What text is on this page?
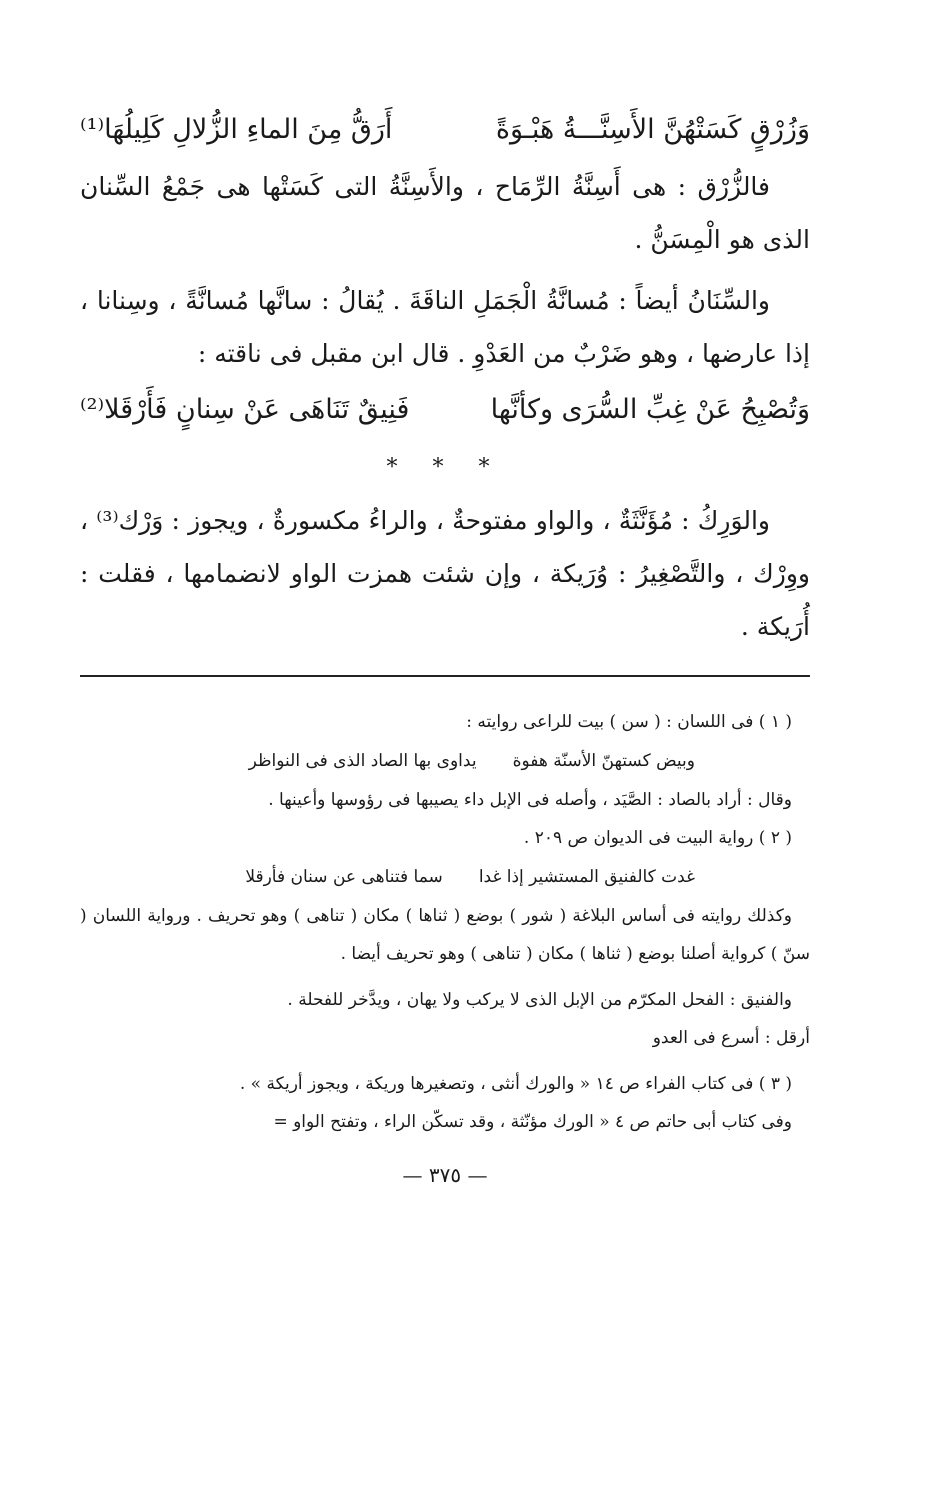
وَزُرْقٍ كَسَتْهُنَّ الأَسِنَّـــةُ هَبْـوَةً
أَرَقُّ مِنَ الماءِ الزُّلالِ كَلِيلُهَا⁽¹⁾

فالزُّرْق : هى أَسِنَّةُ الرِّمَاح ، والأَسِنَّةُ التى كَسَتْها هى جَمْعُ السِّنان الذى هو الْمِسَنُّ .

والسِّنَانُ أيضاً : مُسانَّةُ الْجَمَلِ الناقَةَ . يُقالُ : سانَّها مُسانَّةً ، وسِنانا ، إذا عارضها ، وهو ضَرْبٌ من العَدْوِ . قال ابن مقبل فى ناقته :

وَتُصْبِحُ عَنْ غِبِّ السُّرَى وكأنَّها
فَنِيقٌ تَنَاهَى عَنْ سِنانٍ فَأَرْقَلا⁽²⁾
* * *

والوَرِكُ : مُؤَنَّثَةٌ ، والواو مفتوحةٌ ، والراءُ مكسورةٌ ، ويجوز : وَرْك⁽³⁾ ، ووِرْك ، والتَّصْغِيرُ : وُرَيكة ، وإن شئت همزت الواو لانضمامها ، فقلت : أُرَيكة .

( ١ ) فى اللسان : ( سن ) بيت للراعى روايته :

وبيض كستهنّ الأسنّة هفوة
يداوى بها الصاد الذى فى النواظر

وقال : أراد بالصاد : الصَّيَد ، وأصله فى الإبل داء يصيبها فى رؤوسها وأعينها .

( ٢ ) رواية البيت فى الديوان ص ٢٠٩ .

غدت كالفنيق المستشير إذا غدا
سما فتناهى عن سنان فأرقلا

وكذلك روايته فى أساس البلاغة ( شور ) بوضع ( ثناها ) مكان ( تناهى ) وهو تحريف . ورواية اللسان ( سنّ ) كرواية أصلنا بوضع ( ثناها ) مكان ( تناهى ) وهو تحريف أيضا .

والفنيق : الفحل المكرّم من الإبل الذى لا يركب ولا يهان ، ويدَّخر للفحلة .

أرقل : أسرع فى العدو

( ٣ ) فى كتاب الفراء ص ١٤ « والورك أنثى ، وتصغيرها وريكة ، ويجوز أريكة » .

وفى كتاب أبى حاتم ص ٤ « الورك مؤنّثة ، وقد تسكّن الراء ، وتفتح الواو =

— ٣٧٥ —
